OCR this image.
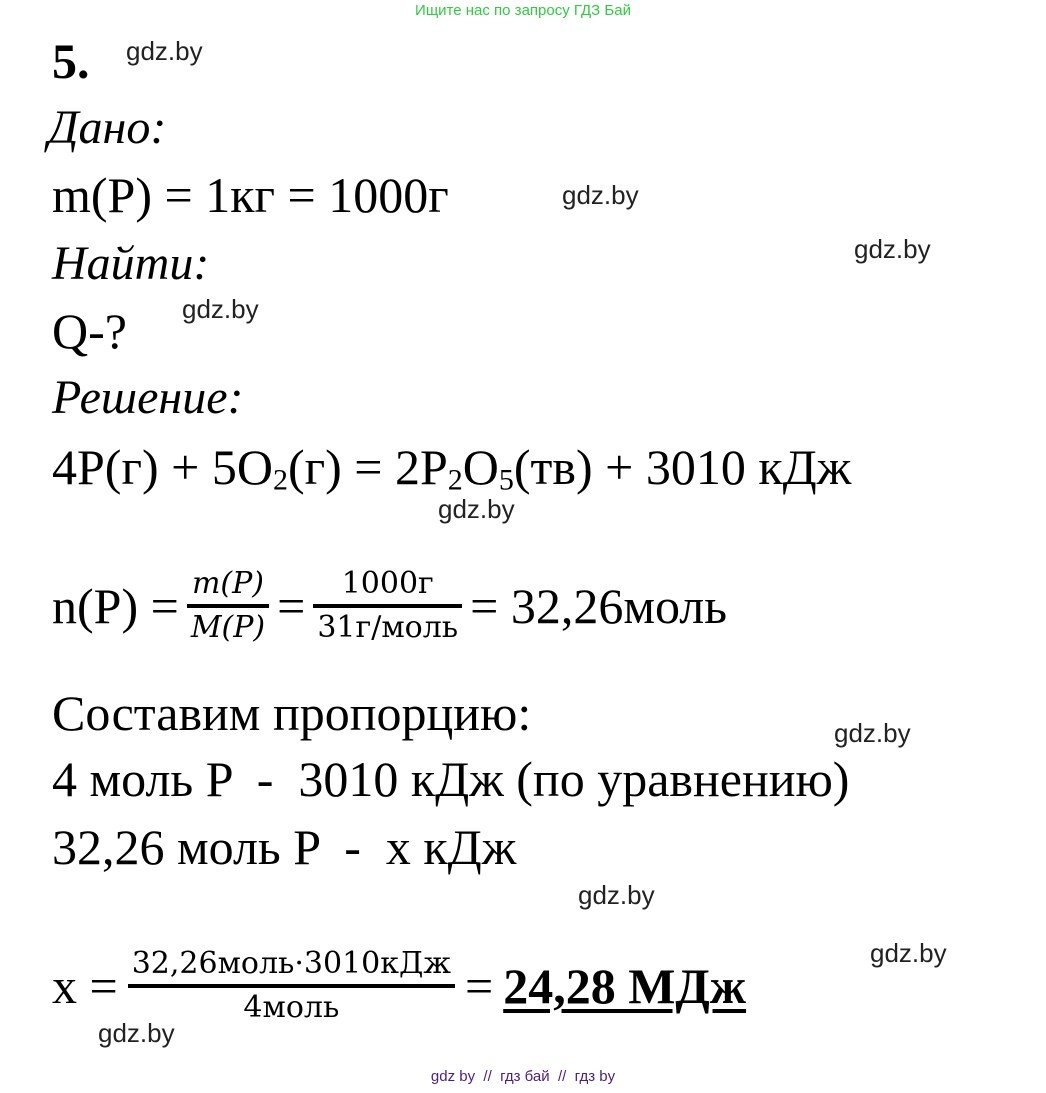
Ищите нас по запросу ГДЗ Бай
5. gdz.by
Дано:
m(P) = 1кг = 1000г	gdz.by
gdz.by
Найти:
Q-? gdz.by
Решение:
$4P(г) + 5O_2(г) = 2P_2O_5(тв) + 3010$ кДж
gdz.by
$n(P) = \frac{m(P)}{M(P)} = \frac{1000г}{\text{31г/моль}}$ = 32,26моль
Составим пропорцию:	gdz.by
4 моль P  -  3010 кДж (по уравнению)
32,26 моль P  -  x кДж
gdz.by
gdz.by
$x = \frac{\text{32,26моль·3010кДж}}{\text{4моль}} = 24,28$ МДж
gdz.by
gdz by  //  гдз бай  //  гдз by
